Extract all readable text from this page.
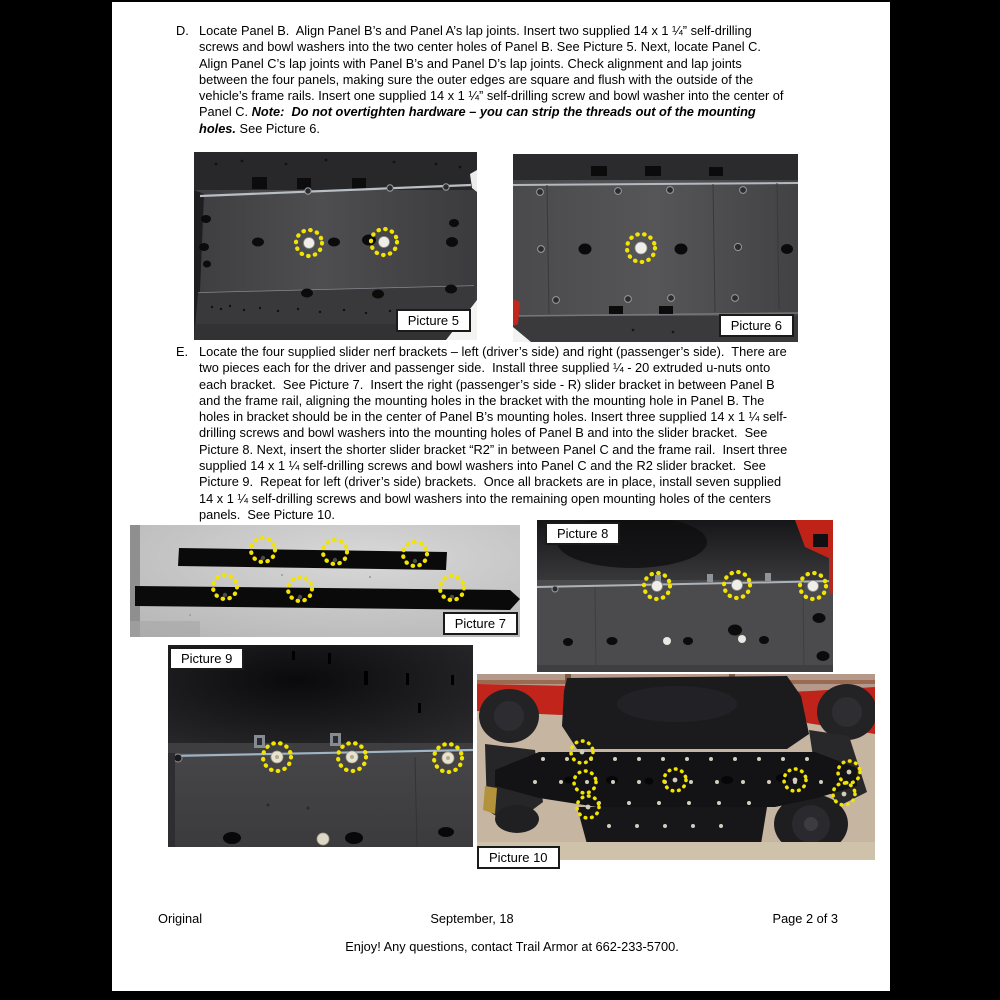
D. Locate Panel B.  Align Panel B’s and Panel A’s lap joints. Insert two supplied 14 x 1 ¼” self-drilling
screws and bowl washers into the two center holes of Panel B. See Picture 5. Next, locate Panel C.
Align Panel C’s lap joints with Panel B’s and Panel D’s lap joints. Check alignment and lap joints
between the four panels, making sure the outer edges are square and flush with the outside of the
vehicle’s frame rails. Insert one supplied 14 x 1 ¼” self-drilling screw and bowl washer into the center of
Panel C. Note:  Do not overtighten hardware – you can strip the threads out of the mounting
holes. See Picture 6.
Picture 5	Picture 6
E. Locate the four supplied slider nerf brackets – left (driver’s side) and right (passenger’s side).  There are
two pieces each for the driver and passenger side.  Install three supplied ¼ - 20 extruded u-nuts onto
each bracket.  See Picture 7.  Insert the right (passenger’s side - R) slider bracket in between Panel B
and the frame rail, aligning the mounting holes in the bracket with the mounting hole in Panel B. The
holes in bracket should be in the center of Panel B’s mounting holes. Insert three supplied 14 x 1 ¼ self-
drilling screws and bowl washers into the mounting holes of Panel B and into the slider bracket.  See
Picture 8. Next, insert the shorter slider bracket “R2” in between Panel C and the frame rail.  Insert three
supplied 14 x 1 ¼ self-drilling screws and bowl washers into Panel C and the R2 slider bracket.  See
Picture 9.  Repeat for left (driver’s side) brackets.  Once all brackets are in place, install seven supplied
14 x 1 ¼ self-drilling screws and bowl washers into the remaining open mounting holes of the centers
panels.  See Picture 10.
Picture 7
Picture 8
Picture 9
Picture 10
Original	September, 18	Page 2 of 3
Enjoy! Any questions, contact Trail Armor at 662-233-5700.
